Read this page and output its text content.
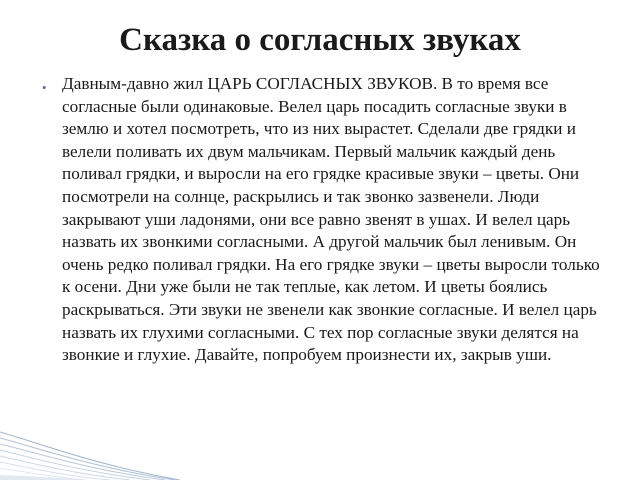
Сказка о согласных звуках
• Давным-давно жил ЦАРЬ СОГЛАСНЫХ ЗВУКОВ. В то время все согласные были одинаковые. Велел царь посадить согласные звуки в землю и хотел посмотреть, что из них вырастет. Сделали две грядки и велели поливать их двум мальчикам. Первый мальчик каждый день поливал грядки, и выросли на его грядке красивые звуки – цветы. Они посмотрели на солнце, раскрылись и так звонко зазвенели. Люди закрывают уши ладонями, они все равно звенят в ушах. И велел царь назвать их звонкими согласными. А другой мальчик был ленивым. Он очень редко поливал грядки. На его грядке звуки – цветы выросли только к осени. Дни уже были не так теплые, как летом. И цветы боялись раскрываться. Эти звуки не звенели как звонкие согласные. И велел царь назвать их глухими согласными. С тех пор согласные звуки делятся на звонкие и глухие. Давайте, попробуем произнести их, закрыв уши.
